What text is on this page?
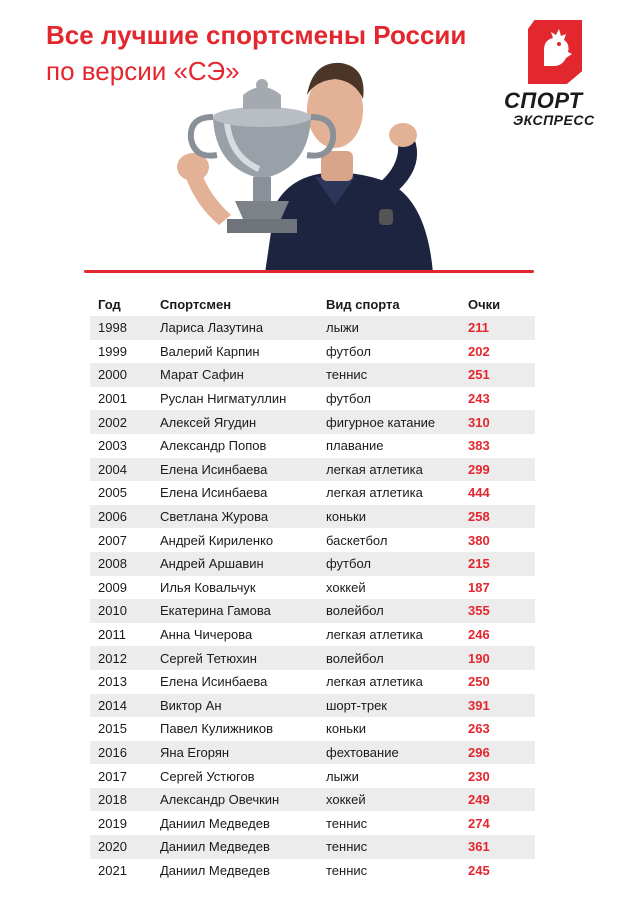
Все лучшие спортсмены России
по версии «СЭ»
СПОРТ
ЭКСПРЕСС
Год	Спортсмен	Вид спорта	Очки
1998	Лариса Лазутина	лыжи	211
1999	Валерий Карпин	футбол	202
2000	Марат Сафин	теннис	251
2001	Руслан Нигматуллин	футбол	243
2002	Алексей Ягудин	фигурное катание	310
2003	Александр Попов	плавание	383
2004	Елена Исинбаева	легкая атлетика	299
2005	Елена Исинбаева	легкая атлетика	444
2006	Светлана Журова	коньки	258
2007	Андрей Кириленко	баскетбол	380
2008	Андрей Аршавин	футбол	215
2009	Илья Ковальчук	хоккей	187
2010	Екатерина Гамова	волейбол	355
2011	Анна Чичерова	легкая атлетика	246
2012	Сергей Тетюхин	волейбол	190
2013	Елена Исинбаева	легкая атлетика	250
2014	Виктор Ан	шорт-трек	391
2015	Павел Кулижников	коньки	263
2016	Яна Егорян	фехтование	296
2017	Сергей Устюгов	лыжи	230
2018	Александр Овечкин	хоккей	249
2019	Даниил Медведев	теннис	274
2020	Даниил Медведев	теннис	361
2021	Даниил Медведев	теннис	245
